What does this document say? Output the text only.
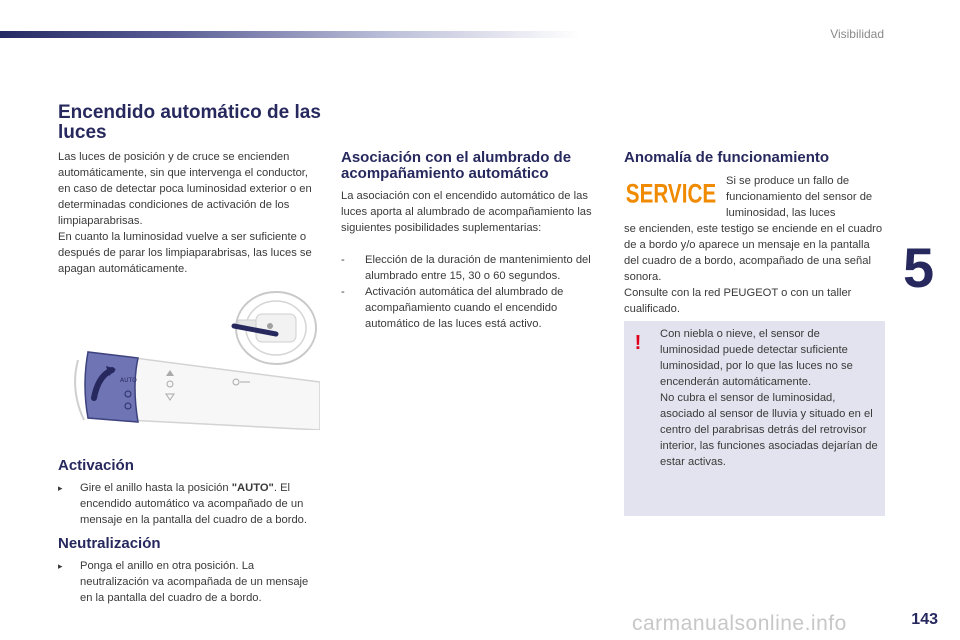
Visibilidad
5
Encendido automático de las luces

Las luces de posición y de cruce se encienden automáticamente, sin que intervenga el conductor, en caso de detectar poca luminosidad exterior o en determinadas condiciones de activación de los limpiaparabrisas.

En cuanto la luminosidad vuelve a ser suficiente o después de parar los limpiaparabrisas, las luces se apagan automáticamente.

AUTO
Activación
▸ Gire el anillo hasta la posición "AUTO". El encendido automático va acompañado de un mensaje en la pantalla del cuadro de a bordo.
Neutralización
▸ Ponga el anillo en otra posición. La neutralización va acompañada de un mensaje en la pantalla del cuadro de a bordo.
Asociación con el alumbrado de acompañamiento automático

La asociación con el encendido automático de las luces aporta al alumbrado de acompañamiento las siguientes posibilidades suplementarias:

- Elección de la duración de mantenimiento del alumbrado entre 15, 30 o 60 segundos.
- Activación automática del alumbrado de acompañamiento cuando el encendido automático de las luces está activo.
Anomalía de funcionamiento
SERVICE Si se produce un fallo de funcionamiento del sensor de luminosidad, las luces

se encienden, este testigo se enciende en el cuadro de a bordo y/o aparece un mensaje en la pantalla del cuadro de a bordo, acompañado de una señal sonora.

Consulte con la red PEUGEOT o con un taller cualificado.

! Con niebla o nieve, el sensor de luminosidad puede detectar suficiente luminosidad, por lo que las luces no se encenderán automáticamente.

No cubra el sensor de luminosidad, asociado al sensor de lluvia y situado en el centro del parabrisas detrás del retrovisor interior, las funciones asociadas dejarían de estar activas.

carmanualsonline.info	143
